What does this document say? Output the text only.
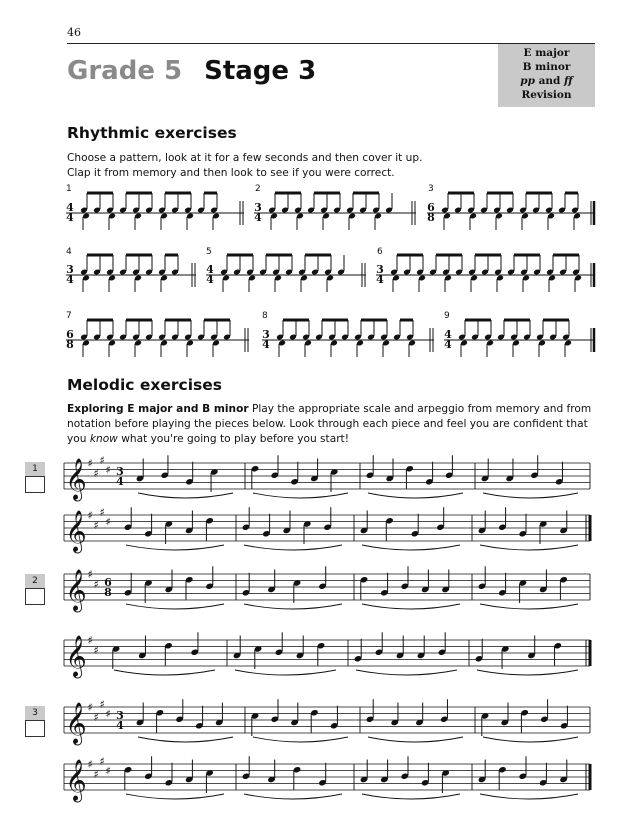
46
Grade 5 Stage 3
E major
B minor
pp and ff
Revision
Rhythmic exercises
Choose a pattern, look at it for a few seconds and then cover it up.
Clap it from memory and then look to see if you were correct.
1	2	3
4	5	6
7	8	9
Melodic exercises
Exploring E major and B minor Play the appropriate scale and arpeggio from memory and from notation before playing the pieces below. Look through each piece and feel you are confident that you know what you're going to play before you start!
1
2
3
4
4
3
4
6
8
3
4
4
4
3
4
6
8
3
4
4
4
𝄞 ♯
♯
♯
♯ 3
4
𝄞 ♯
♯
♯
♯
𝄞 ♯
♯ 6
8
𝄞 ♯
♯
𝄞 ♯
♯
♯
♯ 3
4
𝄞 ♯
♯
♯
♯
